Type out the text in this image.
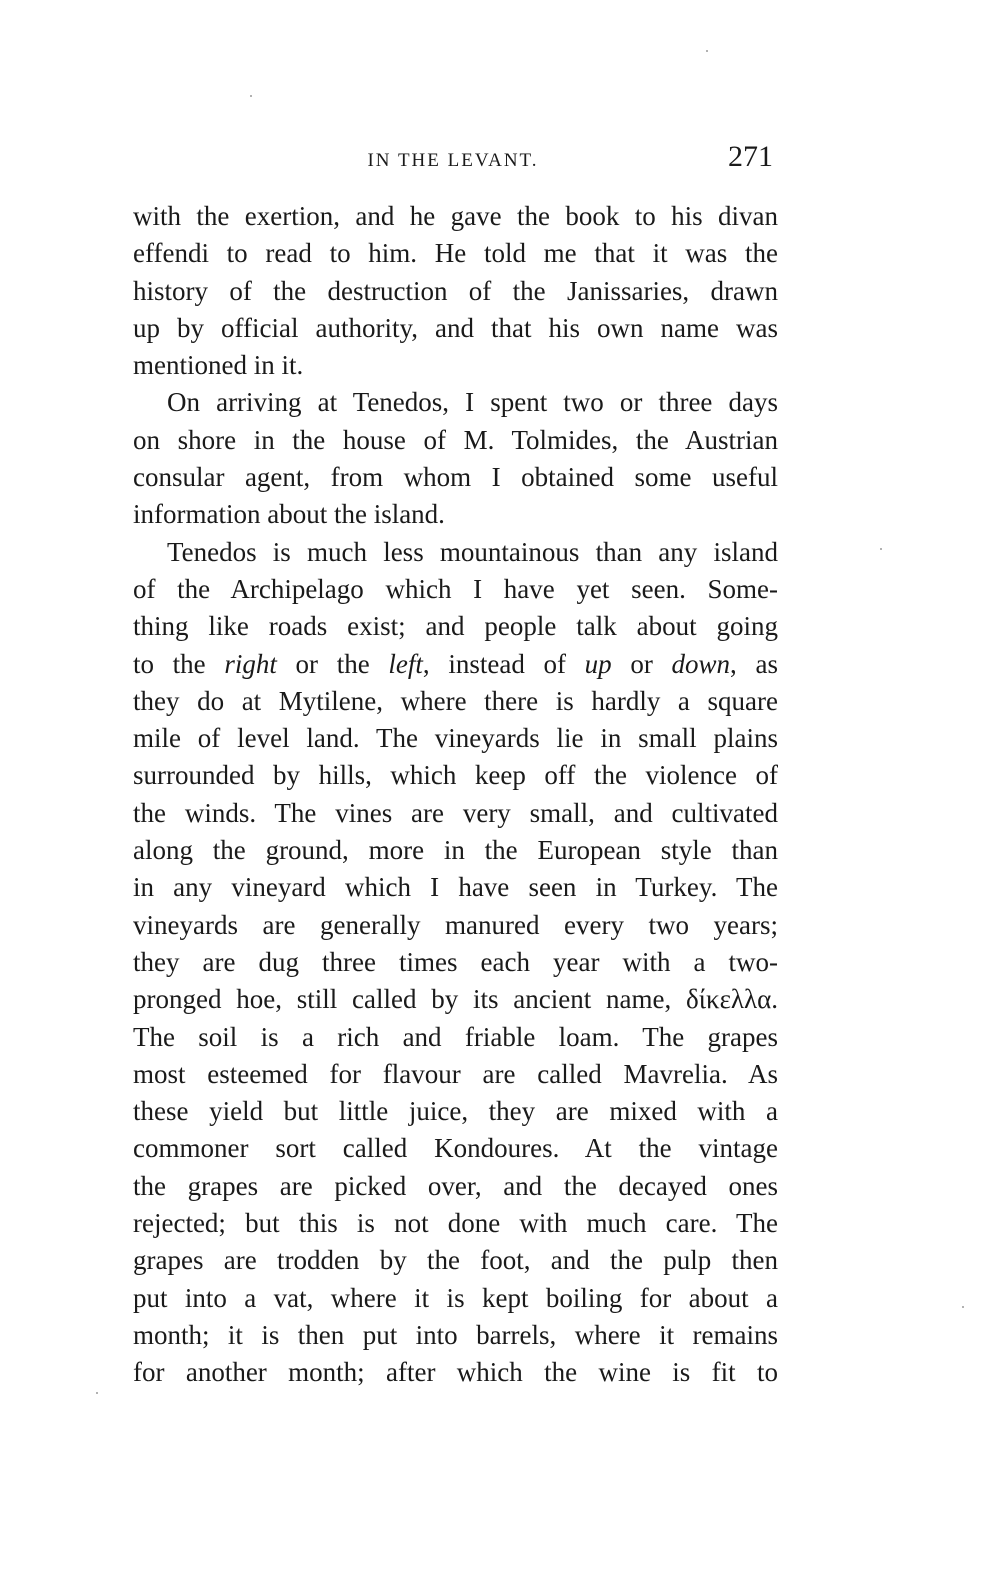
IN THE LEVANT.	271
with the exertion, and he gave the book to his divan
effendi to read to him. He told me that it was the
history of the destruction of the Janissaries, drawn
up by official authority, and that his own name was
mentioned in it.
On arriving at Tenedos, I spent two or three days
on shore in the house of M. Tolmides, the Austrian
consular agent, from whom I obtained some useful
information about the island.
Tenedos is much less mountainous than any island
of the Archipelago which I have yet seen. Some-
thing like roads exist; and people talk about going
to the right or the left, instead of up or down, as
they do at Mytilene, where there is hardly a square
mile of level land. The vineyards lie in small plains
surrounded by hills, which keep off the violence of
the winds. The vines are very small, and cultivated
along the ground, more in the European style than
in any vineyard which I have seen in Turkey. The
vineyards are generally manured every two years;
they are dug three times each year with a two-
pronged hoe, still called by its ancient name, δίκελλα.
The soil is a rich and friable loam. The grapes
most esteemed for flavour are called Mavrelia. As
these yield but little juice, they are mixed with a
commoner sort called Kondoures. At the vintage
the grapes are picked over, and the decayed ones
rejected; but this is not done with much care. The
grapes are trodden by the foot, and the pulp then
put into a vat, where it is kept boiling for about a
month; it is then put into barrels, where it remains
for another month; after which the wine is fit to
